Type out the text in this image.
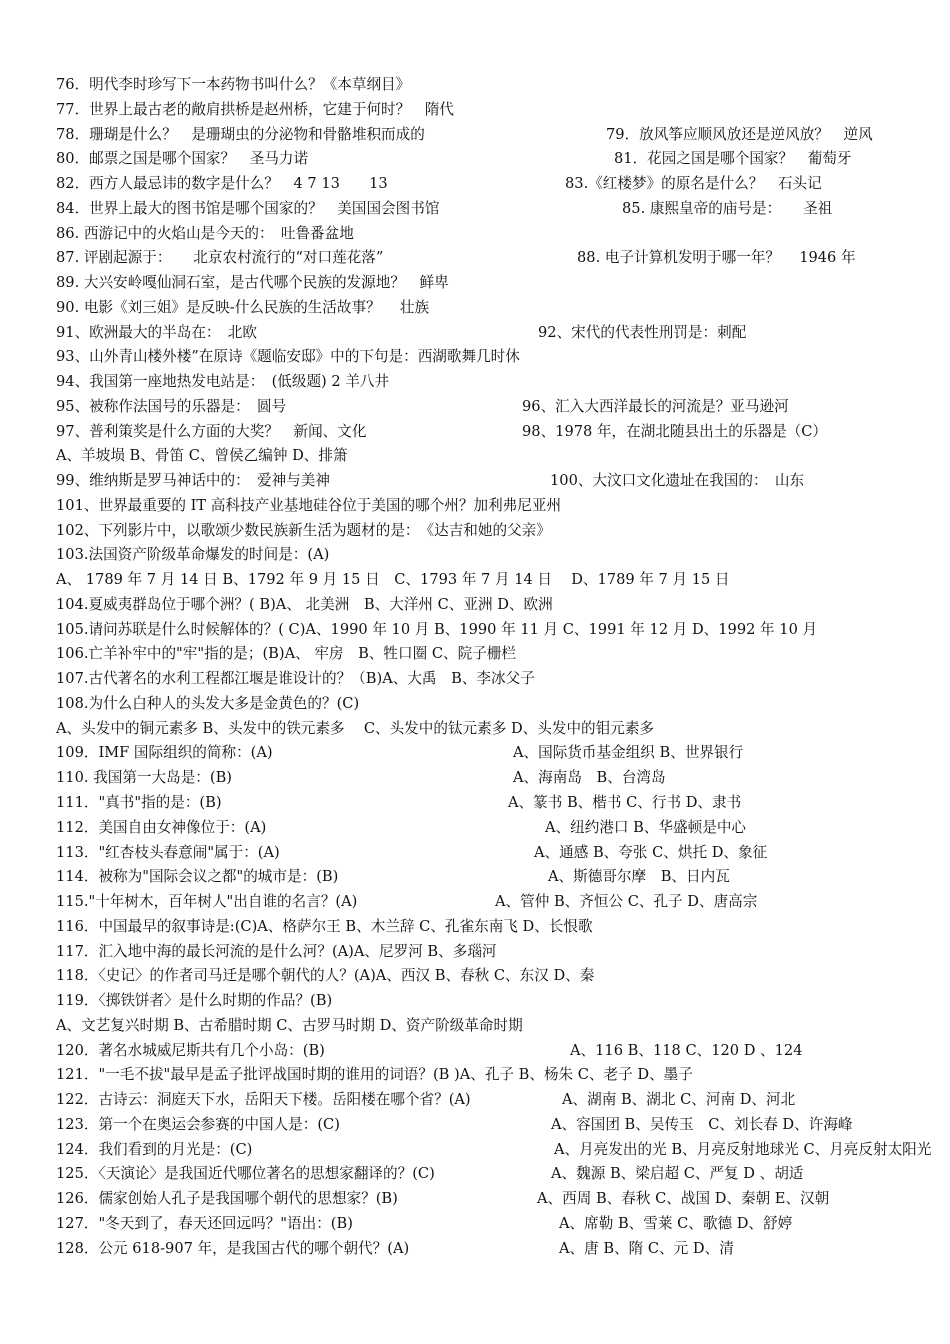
76．明代李时珍写下一本药物书叫什么？《本草纲目》
77．世界上最古老的敞肩拱桥是赵州桥，它建于何时？　隋代
78．珊瑚是什么？　是珊瑚虫的分泌物和骨骼堆积而成的	79．放风筝应顺风放还是逆风放？　逆风
80．邮票之国是哪个国家？　圣马力诺	81．花园之国是哪个国家？　葡萄牙
82．西方人最忌讳的数字是什么？　4 7 13　　13	83.《红楼梦》的原名是什么？　石头记
84．世界上最大的图书馆是哪个国家的？　美国国会图书馆	85. 康熙皇帝的庙号是：　　圣祖
86. 西游记中的火焰山是今天的：　吐鲁番盆地
87. 评剧起源于：　　北京农村流行的“对口莲花落”	88. 电子计算机发明于哪一年？　 1946 年
89. 大兴安岭嘎仙洞石室，是古代哪个民族的发源地？　鲜卑
90. 电影《刘三姐》是反映-什么民族的生活故事？　 壮族
91、欧洲最大的半岛在：　北欧	92、宋代的代表性刑罚是：刺配
93、山外青山楼外楼”在原诗《题临安邸》中的下句是：西湖歌舞几时休
94、我国第一座地热发电站是：　(低级题) 2 羊八井
95、被称作法国号的乐器是：　圆号	96、汇入大西洋最长的河流是？亚马逊河
97、普利策奖是什么方面的大奖？　新闻、文化	98、1978 年，在湖北随县出土的乐器是（C）
A、羊坡埙 B、骨笛 C、曾侯乙编钟 D、排箫
99、维纳斯是罗马神话中的：　爱神与美神	100、大汶口文化遗址在我国的：　山东
101、世界最重要的 IT 高科技产业基地硅谷位于美国的哪个州？加利弗尼亚州
102、下列影片中，以歌颂少数民族新生活为题材的是：　《达吉和她的父亲》
103.法国资产阶级革命爆发的时间是：(A)
A、 1789 年 7 月 14 日 B、1792 年 9 月 15 日　C、1793 年 7 月 14 日　 D、1789 年 7 月 15 日
104.夏威夷群岛位于哪个洲？( B)A、 北美洲　B、大洋州 C、亚洲 D、欧洲
105.请问苏联是什么时候解体的？( C)A、1990 年 10 月 B、1990 年 11 月 C、1991 年 12 月 D、1992 年 10 月
106.亡羊补牢中的"牢"指的是；(B)A、 牢房　B、牲口圈 C、院子栅栏
107.古代著名的水利工程都江堰是谁设计的？（B)A、大禹　B、李冰父子
108.为什么白种人的头发大多是金黄色的？(C)
A、头发中的铜元素多 B、头发中的铁元素多　 C、头发中的钛元素多 D、头发中的钼元素多
109．IMF 国际组织的简称：(A)	A、国际货币基金组织 B、世界银行
110. 我国第一大岛是：(B)	A、海南岛　B、台湾岛
111．"真书"指的是：(B)	A、篆书 B、楷书 C、行书 D、隶书
112．美国自由女神像位于：(A)	A、纽约港口 B、华盛顿是中心
113．"红杏枝头春意闹"属于：(A)	A、通感 B、夸张 C、烘托 D、象征
114．被称为"国际会议之都"的城市是：(B)	A、斯德哥尔摩　B、日内瓦
115."十年树木，百年树人"出自谁的名言？(A)	A、管仲 B、齐恒公 C、孔子 D、唐高宗
116．中国最早的叙事诗是:(C)A、格萨尔王 B、木兰辞 C、孔雀东南飞 D、长恨歌
117．汇入地中海的最长河流的是什么河？(A)A、尼罗河 B、多瑙河
118．〈史记〉的作者司马迁是哪个朝代的人？(A)A、西汉 B、春秋 C、东汉 D、秦
119．〈掷铁饼者〉是什么时期的作品？(B)
A、文艺复兴时期 B、古希腊时期 C、古罗马时期 D、资产阶级革命时期
120．著名水城威尼斯共有几个小岛：(B)	A、116 B、118 C、120 D 、124
121．"一毛不拔"最早是孟子批评战国时期的谁用的词语？(B )A、孔子 B、杨朱 C、老子 D、墨子
122．古诗云：洞庭天下水，岳阳天下楼。岳阳楼在哪个省？(A)	A、湖南 B、湖北 C、河南 D、河北
123．第一个在奥运会参赛的中国人是：(C)	A、容国团 B、吴传玉　C、刘长春 D、许海峰
124．我们看到的月光是：(C)	A、月亮发出的光 B、月亮反射地球光 C、月亮反射太阳光
125．〈天演论〉是我国近代哪位著名的思想家翻译的？(C)	A、魏源 B、梁启超 C、严复 D 、胡适
126．儒家创始人孔子是我国哪个朝代的思想家？(B)	A、西周 B、春秋 C、战国 D、秦朝 E、汉朝
127．"冬天到了，春天还回远吗？"语出：(B)	A、席勒 B、雪莱 C、歌德 D、舒婷
128．公元 618-907 年，是我国古代的哪个朝代？(A)	A、唐 B、隋 C、元 D、清
